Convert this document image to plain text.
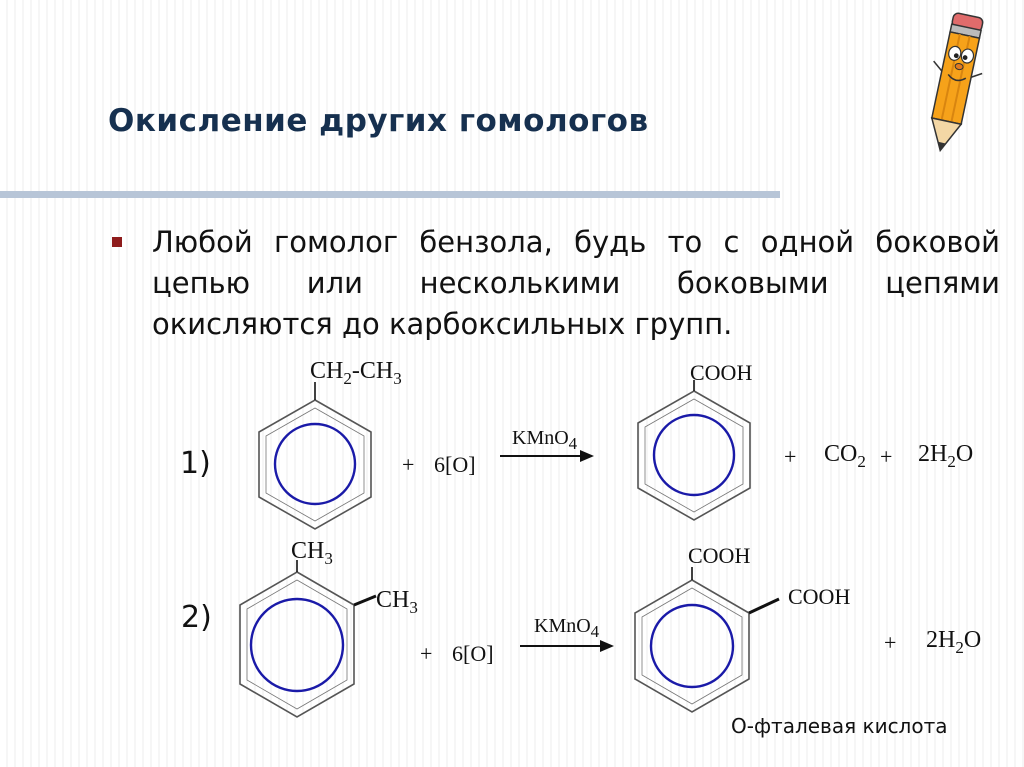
Окисление других гомологов
Любой гомолог бензола, будь то с одной боковой цепью или несколькими боковыми цепями окисляются до карбоксильных групп.
1)
$CH_2-CH_3$
+ 6[O]
KMnO$_4$
COOH
+ $CO_2 + 2H_2O$
2)
$CH_3$
$CH_3$
+ 6[O]
KMnO$_4$
COOH
COOH
+ $2H_2O$
О-фталевая кислота
